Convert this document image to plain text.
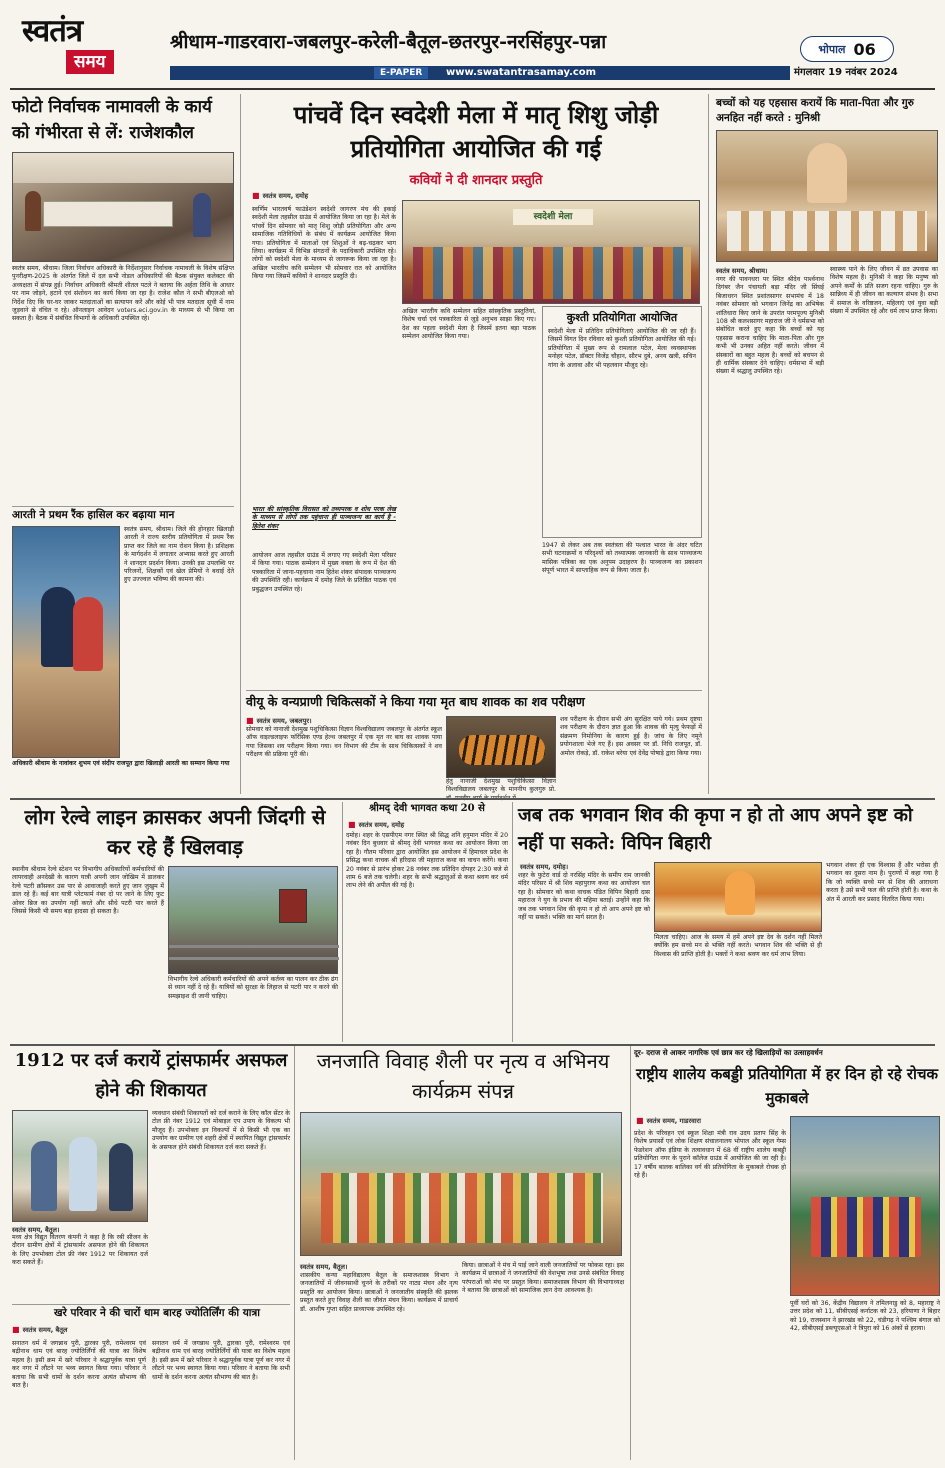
स्वतंत्र
समय
श्रीधाम-गाडरवारा-जबलपुर-करेली-बैतूल-छतरपुर-नरसिंहपुर-पन्ना	भोपाल 06
E-PAPER	www.swatantrasamay.com	मंगलवार 19 नवंबर 2024
फोटो निर्वाचक नामावली के कार्य को गंभीरता से लें: राजेशकौल
स्वतंत्र समय, श्रीधाम। जिला निर्वाचन अधिकारी के निर्देशानुसार निर्वाचक नामावली के विशेष संक्षिप्त पुनरीक्षण-2025 के अंतर्गत जिले में दल सभी नोडल अधिकारियों की बैठक संयुक्त कलेक्टर की अध्यक्षता में संपन्न हुई। निर्वाचन अधिकारी श्रीमती शीतल पटले ने बताया कि अर्हता तिथि के आधार पर नाम जोड़ने, हटाने एवं संशोधन का कार्य किया जा रहा है। राजेश कौल ने सभी बीएलओ को निर्देश दिए कि घर-घर जाकर मतदाताओं का सत्यापन करें और कोई भी पात्र मतदाता सूची में नाम जुड़वाने से वंचित न रहे। ऑनलाइन आवेदन voters.eci.gov.in के माध्यम से भी किया जा सकता है। बैठक में संबंधित विभागों के अधिकारी उपस्थित रहे।
आरती ने प्रथम रैंक हासिल कर बढ़ाया मान
स्वतंत्र समय, श्रीधाम। जिले की होनहार खिलाड़ी आरती ने राज्य स्तरीय प्रतियोगिता में प्रथम रैंक प्राप्त कर जिले का नाम रोशन किया है। प्रशिक्षक के मार्गदर्शन में लगातार अभ्यास करते हुए आरती ने शानदार प्रदर्शन किया। उनकी इस उपलब्धि पर परिजनों, शिक्षकों एवं खेल प्रेमियों ने बधाई देते हुए उज्ज्वल भविष्य की कामना की।
अधिकारी श्रीधाम के नावांकर शुभम एवं संदीप राजपूत द्वारा खिलाड़ी आरती का सम्मान किया गया
पांचवें दिन स्वदेशी मेला में मातृ शिशु जोड़ी प्रतियोगिता आयोजित की गई
कवियों ने दी शानदार प्रस्तुति
■ स्वतंत्र समय, दमोह
स्वर्णिम भारतवर्ष फाउंडेशन स्वदेशी जागरण मंच की इकाई स्वदेशी मेला तहसील ग्राउंड में आयोजित किया जा रहा है। मेले के पांचवें दिन सोमवार को मातृ शिशु जोड़ी प्रतियोगिता और अन्य सामाजिक गतिविधियों के संबंध में कार्यक्रम आयोजित किया गया। प्रतियोगिता में माताओं एवं शिशुओं ने बढ़-चढ़कर भाग लिया। कार्यक्रम में विभिन्न संगठनों के पदाधिकारी उपस्थित रहे। लोगों को स्वदेशी मेला के माध्यम से जागरूक किया जा रहा है। अखिल भारतीय कवि सम्मेलन भी सोमवार रात को आयोजित किया गया जिसमें कवियों ने शानदार प्रस्तुति दी।
भारत की सांस्कृतिक विरासत को तथ्यपरक व शोध परक लेख के माध्यम से लोगों तक पहुंचाना ही पाञ्चजन्य का कार्य है - हितेश शंकर
आयोजन आज तहसील ग्राउंड में लगाए गए स्वदेशी मेला परिसर में किया गया। पाठक सम्मेलन में मुख्य वक्ता के रूप में देश की पत्रकारिता में जाना-पहचाना नाम हितेश शंकर संपादक पाञ्चजन्य की उपस्थिति रही। कार्यक्रम में दमोह जिले के प्रतिष्ठित पाठक एवं प्रबुद्धजन उपस्थित रहे।
स्वदेशी मेला
अखिल भारतीय कवि सम्मेलन सहित सांस्कृतिक प्रस्तुतियां, विशेष चर्चा एवं पत्रकारिता से जुड़े अनुभव साझा किए गए। देश का पहला स्वदेशी मेला है जिसमें इतना बड़ा पाठक सम्मेलन आयोजित किया गया।
कुश्ती प्रतियोगिता आयोजित
स्वदेशी मेला में प्रतिदिन प्रतियोगिताएं आयोजित की जा रही हैं। जिसमें विगत दिन रविवार को कुश्ती प्रतियोगिता आयोजित की गई। प्रतियोगिता में मुख्य रूप से रामलाल पटेल, मेला व्यवस्थापक मनोहर पटेल, डॉक्टर विजेंद्र चौहान, सौरभ दुबे, अनय खत्री, सचिन गांगा के अलावा और भी पहलवान मौजूद रहे।
1947 से लेकर अब तक स्वतंत्रता की पश्चात भारत के अंदर घटित सभी घटनाक्रमों व परिदृश्यों को तथ्यात्मक जानकारी के साथ पाञ्चजन्य मासिक पत्रिका का एक अनुपम उदाहरण है। पाञ्चजन्य का प्रकाशन संपूर्ण भारत में साप्ताहिक रूप से किया जाता है।
बच्चों को यह एहसास करायें कि माता-पिता और गुरु अनहित नहीं करते : मुनिश्री
स्वतंत्र समय, श्रीधाम।
नगर की पावनधरा पर स्थित श्रीदेव पार्श्वनाथ दिगंबर जैन पंचायती बड़ा मंदिर जी सिंघई बिजाधरन स्थित प्रशांतसागर सभामंच में 18 नवंबर सोमवार को भगवान जिनेंद्र का अभिषेक शांतिधारा किए जाने के उपरांत परमपूज्य मुनिश्री 108 श्री कलशसागर महाराज जी ने धर्मसभा को संबोधित करते हुए कहा कि बच्चों को यह एहसास कराना चाहिए कि माता-पिता और गुरु कभी भी उनका अहित नहीं करते। जीवन में संस्कारों का बहुत महत्व है। बच्चों को बचपन से ही धार्मिक संस्कार देने चाहिए। धर्मसभा में बड़ी संख्या में श्रद्धालु उपस्थित रहे।
स्वास्थ्य पाने के लिए जीवन में व्रत उपवास का विशेष महत्व है। मुनिश्री ने कहा कि मनुष्य को अपने कर्मों के प्रति सजग रहना चाहिए। गुरु के सान्निध्य में ही जीवन का कल्याण संभव है। सभा में समाज के वरिष्ठजन, महिलाएं एवं युवा बड़ी संख्या में उपस्थित रहे और धर्म लाभ प्राप्त किया।
वीयू के वन्यप्राणी चिकित्सकों ने किया गया मृत बाघ शावक का शव परीक्षण
■ स्वतंत्र समय, जबलपुर।
सोमवार को नानाजी देशमुख पशुचिकित्सा विज्ञान विश्वविद्यालय जबलपुर के अंतर्गत स्कूल ऑफ वाइल्डलाइफ फॉरेंसिक एण्ड हेल्थ जबलपुर में एक मृत नर बाघ का शावक पाया गया जिसका शव परीक्षण किया गया। वन विभाग की टीम के साथ चिकित्सकों ने शव परीक्षण की प्रक्रिया पूरी की।
हेतु नानाजी देशमुख पशुचिकित्सा विज्ञान विश्वविद्यालय जबलपुर के माननीय कुलगुरु प्रो.
शव परीक्षण के दौरान सभी अंग सुरक्षित पाये गये। प्रथम दृष्टया शव परीक्षण के दौरान ज्ञात हुआ कि शावक की मृत्यु फेफड़ों में संक्रमण निमोनिया के कारण हुई है। जांच के लिए नमूने प्रयोगशाला भेजे गए हैं। इस अवसर पर डॉ. निधि राजपूत, डॉ. अमोल रोकड़े, डॉ. राकेश बरेया एवं देवेंद्र पोषाड़े द्वारा किया गया।
लोग रेल्वे लाइन क्रासकर अपनी जिंदगी से कर रहे हैं खिलवाड़
स्थानीय श्रीधाम रेल्वे स्टेशन पर विभागीय अधिकारियों कर्मचारियों की लापरवाही अनदेखी के कारण यात्री अपनी जान जोखिम में डालकर रेल्वे पटरी क्रॉसकर उस पार से आवाजाही करते हुए जान जुखुम में डाल रहे हैं। कई बार यात्री प्लेटफार्म नंबर दो पर जाने के लिए फुट ओवर ब्रिज का उपयोग नहीं करते और सीधे पटरी पार करते हैं जिससे किसी भी समय बड़ा हादसा हो सकता है।
विभागीय रेल्वे अधिकारी कर्मचारियों की अपने कर्तव्य का पालन कर ठीक ढंग से ध्यान नहीं दे रहे हैं। यात्रियों को सुरक्षा के लिहाज से पटरी पार न करने की समझाइश दी जानी चाहिए।
श्रीमद् देवी भागवत कथा 20 से
■ स्वतंत्र समय, दमोह
दमोह। शहर के एसपीएम नगर स्थित श्री सिद्ध शनि हनुमान मंदिर में 20 नवंबर दिन बुधवार से श्रीमद् देवी भागवत कथा का आयोजन किया जा रहा है। गौतम परिवार द्वारा आयोजित इस आयोजन में हिमाचल प्रदेश के प्रसिद्ध कथा वाचक श्री हरिदास जी महाराज कथा का वाचन करेंगे। कथा 20 नवंबर से प्रारंभ होकर 28 नवंबर तक प्रतिदिन दोपहर 2:30 बजे से शाम 6 बजे तक चलेगी। शहर के सभी श्रद्धालुओं से कथा श्रवण कर धर्म लाभ लेने की अपील की गई है।
जब तक भगवान शिव की कृपा न हो तो आप अपने इष्ट को नहीं पा सकते: विपिन बिहारी
स्वतंत्र समय, दमोह।
शहर के फुटेरा वार्ड दो नरसिंह मंदिर के समीप राम जानकी मंदिर परिसर में श्री शिव महापुराण कथा का आयोजन चल रहा है। सोमवार को कथा वाचक पंडित विपिन बिहारी दास महाराज ने युग के प्रभाव की महिमा बताई। उन्होंने कहा कि जब तक भगवान शिव की कृपा न हो तो आप अपने इष्ट को नहीं पा सकते। भक्ति का मार्ग सरल है।
मिलता चाहिए। आज के समय में हमें अपने इष्ट देव के दर्शन नहीं मिलते क्योंकि हम सच्चे मन से भक्ति नहीं करते। भगवान शिव की भक्ति से ही विश्वास की प्राप्ति होती है। भक्तों ने कथा श्रवण कर धर्म लाभ लिया।
भगवान शंकर ही एक विश्वास हैं और भरोसा ही भगवान का दूसरा नाम है। पुराणों में कहा गया है कि जो व्यक्ति सच्चे मन से शिव की आराधना करता है उसे सभी फल की प्राप्ति होती है। कथा के अंत में आरती कर प्रसाद वितरित किया गया।
1912 पर दर्ज करायें ट्रांसफार्मर असफल होने की शिकायत
स्वतंत्र समय, बैतूल।
मध्य क्षेत्र विद्युत वितरण कंपनी ने कहा है कि रबी सीजन के दौरान ग्रामीण क्षेत्रों में ट्रांसफार्मर असफल होने की शिकायत के लिए उपभोक्ता टोल फ्री नंबर 1912 पर शिकायत दर्ज करा सकते हैं।
व्यवधान संबंधी शिकायतों को दर्ज कराने के लिए कॉल सेंटर के टोल फ्री नंबर 1912 एवं मोबाइल एप उपाय के विकल्प भी मौजूद हैं। उपभोक्ता इन विकल्पों में से किसी भी एक का उपयोग कर ग्रामीण एवं शहरी क्षेत्रों में स्थापित विद्युत ट्रांसफार्मर के असफल होने संबंधी शिकायत दर्ज करा सकते हैं।
खरे परिवार ने की चारों धाम बारह ज्योतिर्लिंग की यात्रा
■ स्वतंत्र समय, बैतूल
सनातन धर्म में जगन्नाथ पुरी, द्वारका पुरी, रामेश्वरम एवं बद्रीनाथ धाम एवं बारह ज्योतिर्लिंगों की यात्रा का विशेष महत्व है। इसी क्रम में खरे परिवार ने श्रद्धापूर्वक यात्रा पूर्ण कर नगर में लौटने पर भव्य स्वागत किया गया। परिवार ने बताया कि सभी धामों के दर्शन करना अत्यंत सौभाग्य की बात है।
सनातन धर्म में जगन्नाथ पुरी, द्वारका पुरी, रामेश्वरम एवं बद्रीनाथ धाम एवं बारह ज्योतिर्लिंगों की यात्रा का विशेष महत्व है। इसी क्रम में खरे परिवार ने श्रद्धापूर्वक यात्रा पूर्ण कर नगर में लौटने पर भव्य स्वागत किया गया। परिवार ने बताया कि सभी धामों के दर्शन करना अत्यंत सौभाग्य की बात है।
जनजाति विवाह शैली पर नृत्य व अभिनय कार्यक्रम संपन्न
स्वतंत्र समय, बैतूल।
शासकीय कन्या महाविद्यालय बैतूल के समाजशास्त्र विभाग ने जनजातियों में जीवनसाथी चुनने के तरीकों पर नाट्य मंचन और नृत्य प्रस्तुति का आयोजन किया। छात्राओं ने जनजातीय संस्कृति की झलक प्रस्तुत करते हुए विवाह शैली का जीवंत मंचन किया। कार्यक्रम में प्राचार्य डॉ. आशीष गुप्ता सहित प्राध्यापक उपस्थित रहे।
किया। छात्राओं ने मंच में पाई जाने वाली जनजातियों पर फोकस रहा। इस कार्यक्रम में छात्राओं ने जनजातियों की वेशभूषा तथा उनसे संबंधित विवाह परंपराओं को मंच पर प्रस्तुत किया। समाजशास्त्र विभाग की विभागाध्यक्ष ने बताया कि छात्राओं को सामाजिक ज्ञान देना आवश्यक है।
दूर- दराज से आकर नागरिक एवं छात्र कर रहे खिलाड़ियों का उत्साहवर्धन
राष्ट्रीय शालेय कबड्डी प्रतियोगिता में हर दिन हो रहे रोचक मुकाबले
■ स्वतंत्र समय, गाडरवारा
प्रदेश के परिवहन एवं स्कूल शिक्षा मंत्री राव उदय प्रताप सिंह के विशेष प्रयासों एवं लोक शिक्षण संचालनालय भोपाल और स्कूल गेम्स फेडरेशन ऑफ इंडिया के तत्वावधान में 68 वीं राष्ट्रीय शालेय कबड्डी प्रतियोगिता नगर के पुराने कॉलेज ग्राउंड में आयोजित की जा रही है। 17 वर्षीय बालक बालिका वर्ग की प्रतियोगिता के मुकाबले रोचक हो रहे हैं।
पूर्वी घरों को 36, केंद्रीय विद्यालय ने तमिलनाडु को 8, महाराष्ट्र ने उत्तर प्रदेश को 11, सीबीएसई कर्नाटक को 23, हरियाणा ने बिहार को 19, राजस्थान ने झारखंड को 22, चंडीगढ़ ने पश्चिम बंगाल को 42, सीबीएसई डब्ल्यूएसओ ने त्रिपुरा को 16 अंकों से हराया।
